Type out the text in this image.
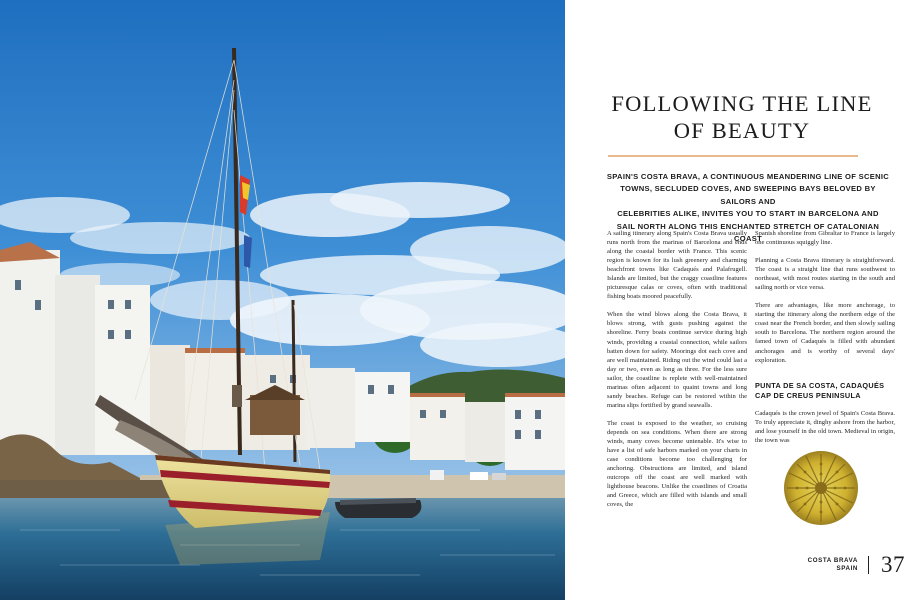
FOLLOWING THE LINE
OF BEAUTY

SPAIN'S COSTA BRAVA, A CONTINUOUS MEANDERING LINE OF SCENIC
TOWNS, SECLUDED COVES, AND SWEEPING BAYS BELOVED BY SAILORS AND
CELEBRITIES ALIKE, INVITES YOU TO START IN BARCELONA AND
SAIL NORTH ALONG THIS ENCHANTED STRETCH OF CATALONIAN COAST

A sailing itinerary along Spain's Costa Brava usually runs north from the marinas of Barcelona and ends along the coastal border with France. This scenic region is known for its lush greenery and charming beachfront towns like Cadaqués and Palafrugell. Islands are limited, but the craggy coastline features picturesque calas or coves, often with traditional fishing boats moored peacefully.

When the wind blows along the Costa Brava, it blows strong, with gusts pushing against the shoreline. Ferry boats continue service during high winds, providing a coastal connection, while sailors batten down for safety. Moorings dot each cove and are well maintained. Riding out the wind could last a day or two, even as long as three. For the less sure sailor, the coastline is replete with well-maintained marinas often adjacent to quaint towns and long sandy beaches. Refuge can be restored within the marina slips fortified by grand seawalls.

The coast is exposed to the weather, so cruising depends on sea conditions. When there are strong winds, many coves become untenable. It's wise to have a list of safe harbors marked on your charts in case conditions become too challenging for anchoring. Obstructions are limited, and island outcrops off the coast are well marked with lighthouse beacons. Unlike the coastlines of Croatia and Greece, which are filled with islands and small coves, the

Spanish shoreline from Gibraltar to France is largely one continuous squiggly line.

Planning a Costa Brava itinerary is straightforward. The coast is a straight line that runs southwest to northeast, with most routes starting in the south and sailing north or vice versa.

There are advantages, like more anchorage, to starting the itinerary along the northern edge of the coast near the French border, and then slowly sailing south to Barcelona. The northern region around the famed town of Cadaqués is filled with abundant anchorages and is worthy of several days' exploration.

PUNTA DE SA COSTA, CADAQUÉS
CAP DE CREUS PENINSULA

Cadaqués is the crown jewel of Spain's Costa Brava. To truly appreciate it, dinghy ashore from the harbor, and lose yourself in the old town. Medieval in origin, the town was

COSTA BRAVA
SPAIN 37
